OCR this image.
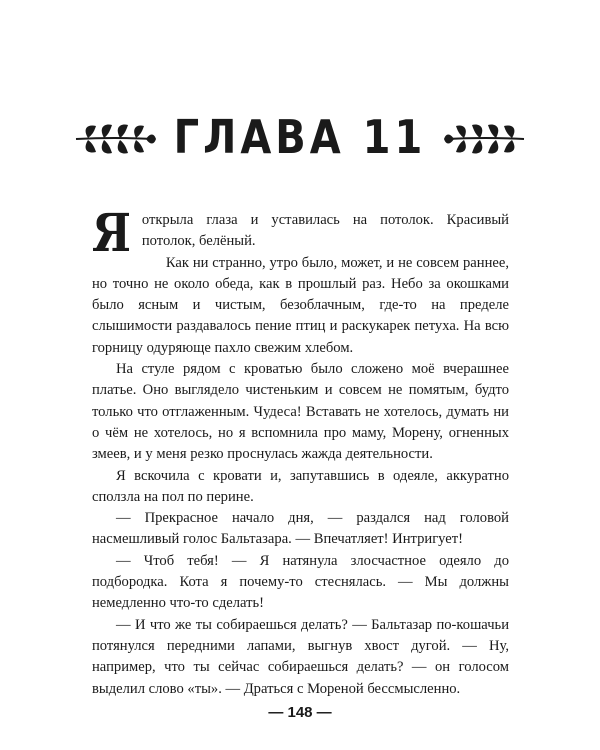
ГЛАВА 11

Яоткрыла глаза и уставилась на потолок. Красивый потолок, белёный.

Как ни странно, утро было, может, и не совсем раннее, но точно не около обеда, как в прошлый раз. Небо за окошками было ясным и чистым, безоблачным, где-то на пределе слышимости раздавалось пение птиц и раскукарек петуха. На всю горницу одуряюще пахло свежим хлебом.

На стуле рядом с кроватью было сложено моё вчерашнее платье. Оно выглядело чистеньким и совсем не помятым, будто только что отглаженным. Чудеса! Вставать не хотелось, думать ни о чём не хотелось, но я вспомнила про маму, Морену, огненных змеев, и у меня резко проснулась жажда деятельности.

Я вскочила с кровати и, запутавшись в одеяле, аккуратно сползла на пол по перине.

— Прекрасное начало дня, — раздался над головой насмешливый голос Бальтазара. — Впечатляет! Интригует!

— Чтоб тебя! — Я натянула злосчастное одеяло до подбородка. Кота я почему-то стеснялась. — Мы должны немедленно что-то сделать!

— И что же ты собираешься делать? — Бальтазар по-кошачьи потянулся передними лапами, выгнув хвост дугой. — Ну, например, что ты сейчас собираешься делать? — он голосом выделил слово «ты». — Драться с Мореной бессмысленно.

— 148 —
